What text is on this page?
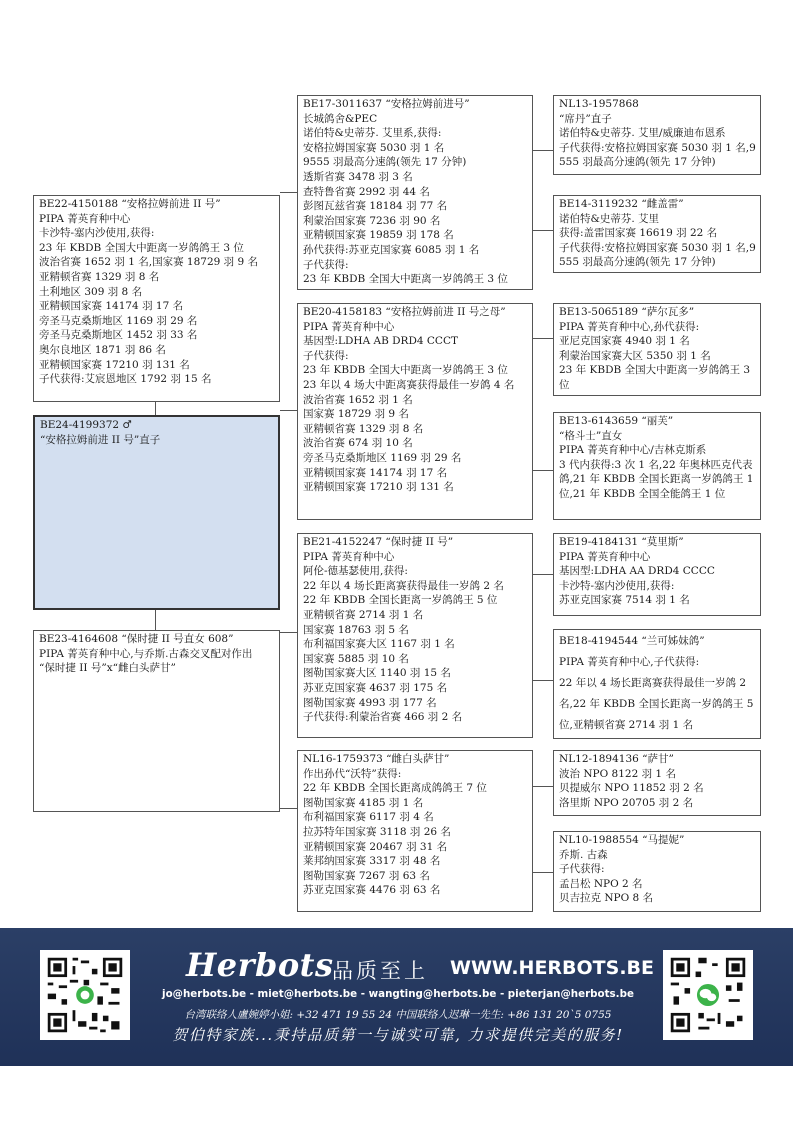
BE22-4150188 “安格拉姆前进 II 号”
PIPA 菁英育种中心
卡沙特-塞内沙使用,获得:
23 年 KBDB 全国大中距离一岁鸽鸽王 3 位
波治省赛 1652 羽 1 名,国家赛 18729 羽 9 名
亚精顿省赛 1329 羽 8 名
土利地区 309 羽 8 名
亚精顿国家赛 14174 羽 17 名
旁圣马克桑斯地区 1169 羽 29 名
旁圣马克桑斯地区 1452 羽 33 名
奥尔良地区 1871 羽 86 名
亚精顿国家赛 17210 羽 131 名
子代获得:艾宸恩地区 1792 羽 15 名
BE24-4199372 ♂
“安格拉姆前进 II 号”直子
BE23-4164608 “保时捷 II 号直女 608”
PIPA 菁英育种中心,与乔斯.古森交叉配对作出
“保时捷 II 号”x“雌白头萨甘”
BE17-3011637 “安格拉姆前进号”
长城鸽舍&PEC
诺伯特&史蒂芬. 艾里系,获得:
安格拉姆国家赛 5030 羽 1 名
9555 羽最高分速鸽(领先 17 分钟)
透斯省赛 3478 羽 3 名
查特鲁省赛 2992 羽 44 名
彭图瓦兹省赛 18184 羽 77 名
利蒙治国家赛 7236 羽 90 名
亚精顿国家赛 19859 羽 178 名
孙代获得:苏亚克国家赛 6085 羽 1 名
子代获得:
23 年 KBDB 全国大中距离一岁鸽鸽王 3 位
BE20-4158183 “安格拉姆前进 II 号之母”
PIPA 菁英育种中心
基因型:LDHA AB DRD4 CCCT
子代获得:
23 年 KBDB 全国大中距离一岁鸽鸽王 3 位
23 年以 4 场大中距离赛获得最佳一岁鸽 4 名
波治省赛 1652 羽 1 名
国家赛 18729 羽 9 名
亚精顿省赛 1329 羽 8 名
波治省赛 674 羽 10 名
旁圣马克桑斯地区 1169 羽 29 名
亚精顿国家赛 14174 羽 17 名
亚精顿国家赛 17210 羽 131 名
BE21-4152247 “保时捷 II 号”
PIPA 菁英育种中心
阿伦-德基瑟使用,获得:
22 年以 4 场长距离赛获得最佳一岁鸽 2 名
22 年 KBDB 全国长距离一岁鸽鸽王 5 位
亚精顿省赛 2714 羽 1 名
国家赛 18763 羽 5 名
布利福国家赛大区 1167 羽 1 名
国家赛 5885 羽 10 名
图勒国家赛大区 1140 羽 15 名
苏亚克国家赛 4637 羽 175 名
图勒国家赛 4993 羽 177 名
子代获得:利蒙治省赛 466 羽 2 名
NL16-1759373 “雌白头萨甘”
作出孙代“沃特”获得:
22 年 KBDB 全国长距离成鸽鸽王 7 位
图勒国家赛 4185 羽 1 名
布利福国家赛 6117 羽 4 名
拉苏特年国家赛 3118 羽 26 名
亚精顿国家赛 20467 羽 31 名
莱邦纳国家赛 3317 羽 48 名
图勒国家赛 7267 羽 63 名
苏亚克国家赛 4476 羽 63 名
NL13-1957868
“席丹”直子
诺伯特&史蒂芬. 艾里/威廉迪布恩系
子代获得:安格拉姆国家赛 5030 羽 1 名,9555 羽最高分速鸽(领先 17 分钟)
BE14-3119232 “雌盖雷”
诺伯特&史蒂芬. 艾里
获得:盖雷国家赛 16619 羽 22 名
子代获得:安格拉姆国家赛 5030 羽 1 名,9555 羽最高分速鸽(领先 17 分钟)
BE13-5065189 “萨尔瓦多”
PIPA 菁英育种中心,孙代获得:
亚尼克国家赛 4940 羽 1 名
利蒙治国家赛大区 5350 羽 1 名
23 年 KBDB 全国大中距离一岁鸽鸽王 3 位
BE13-6143659 “丽芙”
“格斗士”直女
PIPA 菁英育种中心/吉林克斯系
3 代内获得:3 次 1 名,22 年奥林匹克代表鸽,21 年 KBDB 全国长距离一岁鸽鸽王 1 位,21 年 KBDB 全国全能鸽王 1 位
BE19-4184131 “莫里斯”
PIPA 菁英育种中心
基因型:LDHA AA DRD4 CCCC
卡沙特-塞内沙使用,获得:
苏亚克国家赛 7514 羽 1 名
BE18-4194544 “兰可姊妹鸽”
PIPA 菁英育种中心,子代获得:
22 年以 4 场长距离赛获得最佳一岁鸽 2 名,22 年 KBDB 全国长距离一岁鸽鸽王 5 位,亚精顿省赛 2714 羽 1 名
NL12-1894136 “萨甘”
波治 NPO 8122 羽 1 名
贝提威尔 NPO 11852 羽 2 名
洛里斯 NPO 20705 羽 2 名
NL10-1988554 “马提妮”
乔斯. 古森
子代获得:
孟吕松 NPO 2 名
贝吉拉克 NPO 8 名
Herbots
品质至上 WWW.HERBOTS.BE
jo@herbots.be - miet@herbots.be - wangting@herbots.be - pieterjan@herbots.be
台湾联络人盧婉婷小姐: +32 471 19 55 24 中国联络人迟琳一先生: +86 131 20`5 0755
贺伯特家族...秉持品质第一与诚实可靠, 力求提供完美的服务!
